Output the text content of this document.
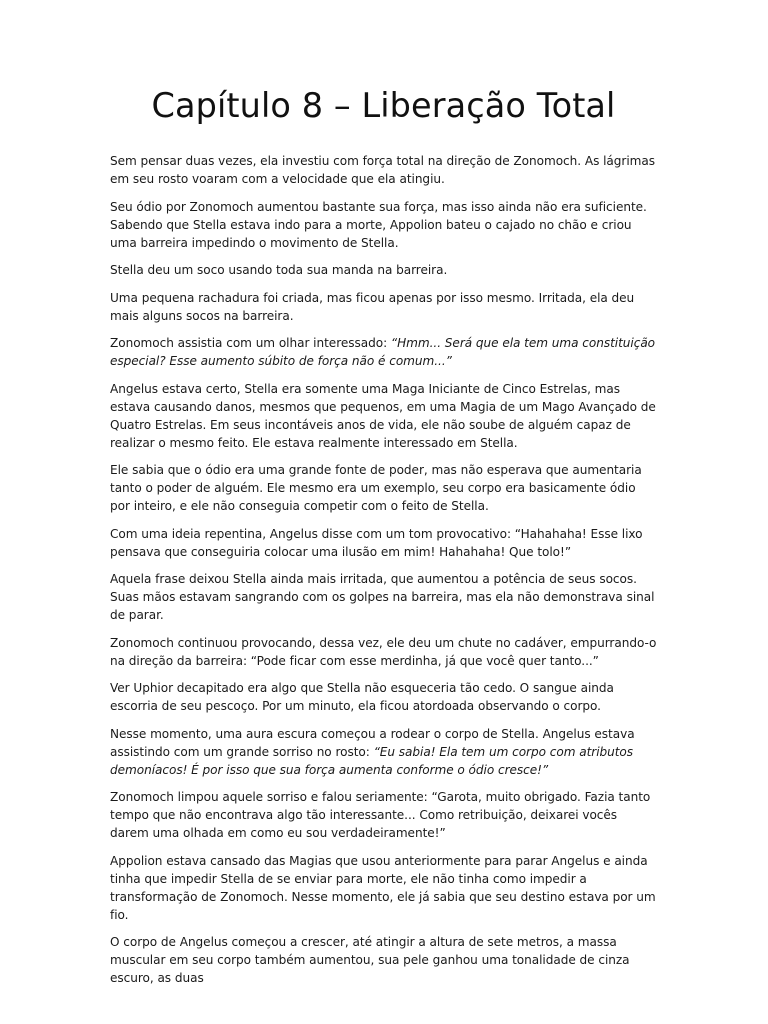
Capítulo 8 – Liberação Total

Sem pensar duas vezes, ela investiu com força total na direção de Zonomoch. As lágrimas em seu rosto voaram com a velocidade que ela atingiu.

Seu ódio por Zonomoch aumentou bastante sua força, mas isso ainda não era suficiente. Sabendo que Stella estava indo para a morte, Appolion bateu o cajado no chão e criou uma barreira impedindo o movimento de Stella.

Stella deu um soco usando toda sua manda na barreira.

Uma pequena rachadura foi criada, mas ficou apenas por isso mesmo. Irritada, ela deu mais alguns socos na barreira.

Zonomoch assistia com um olhar interessado: “Hmm... Será que ela tem uma constituição especial? Esse aumento súbito de força não é comum...”

Angelus estava certo, Stella era somente uma Maga Iniciante de Cinco Estrelas, mas estava causando danos, mesmos que pequenos, em uma Magia de um Mago Avançado de Quatro Estrelas. Em seus incontáveis anos de vida, ele não soube de alguém capaz de realizar o mesmo feito. Ele estava realmente interessado em Stella.

Ele sabia que o ódio era uma grande fonte de poder, mas não esperava que aumentaria tanto o poder de alguém. Ele mesmo era um exemplo, seu corpo era basicamente ódio por inteiro, e ele não conseguia competir com o feito de Stella.

Com uma ideia repentina, Angelus disse com um tom provocativo: “Hahahaha! Esse lixo pensava que conseguiria colocar uma ilusão em mim! Hahahaha! Que tolo!”

Aquela frase deixou Stella ainda mais irritada, que aumentou a potência de seus socos. Suas mãos estavam sangrando com os golpes na barreira, mas ela não demonstrava sinal de parar.

Zonomoch continuou provocando, dessa vez, ele deu um chute no cadáver, empurrando-o na direção da barreira: “Pode ficar com esse merdinha, já que você quer tanto...”

Ver Uphior decapitado era algo que Stella não esqueceria tão cedo. O sangue ainda escorria de seu pescoço. Por um minuto, ela ficou atordoada observando o corpo.

Nesse momento, uma aura escura começou a rodear o corpo de Stella. Angelus estava assistindo com um grande sorriso no rosto: “Eu sabia! Ela tem um corpo com atributos demoníacos! É por isso que sua força aumenta conforme o ódio cresce!”

Zonomoch limpou aquele sorriso e falou seriamente: “Garota, muito obrigado. Fazia tanto tempo que não encontrava algo tão interessante... Como retribuição, deixarei vocês darem uma olhada em como eu sou verdadeiramente!”

Appolion estava cansado das Magias que usou anteriormente para parar Angelus e ainda tinha que impedir Stella de se enviar para morte, ele não tinha como impedir a transformação de Zonomoch. Nesse momento, ele já sabia que seu destino estava por um fio.

O corpo de Angelus começou a crescer, até atingir a altura de sete metros, a massa muscular em seu corpo também aumentou, sua pele ganhou uma tonalidade de cinza escuro, as duas
